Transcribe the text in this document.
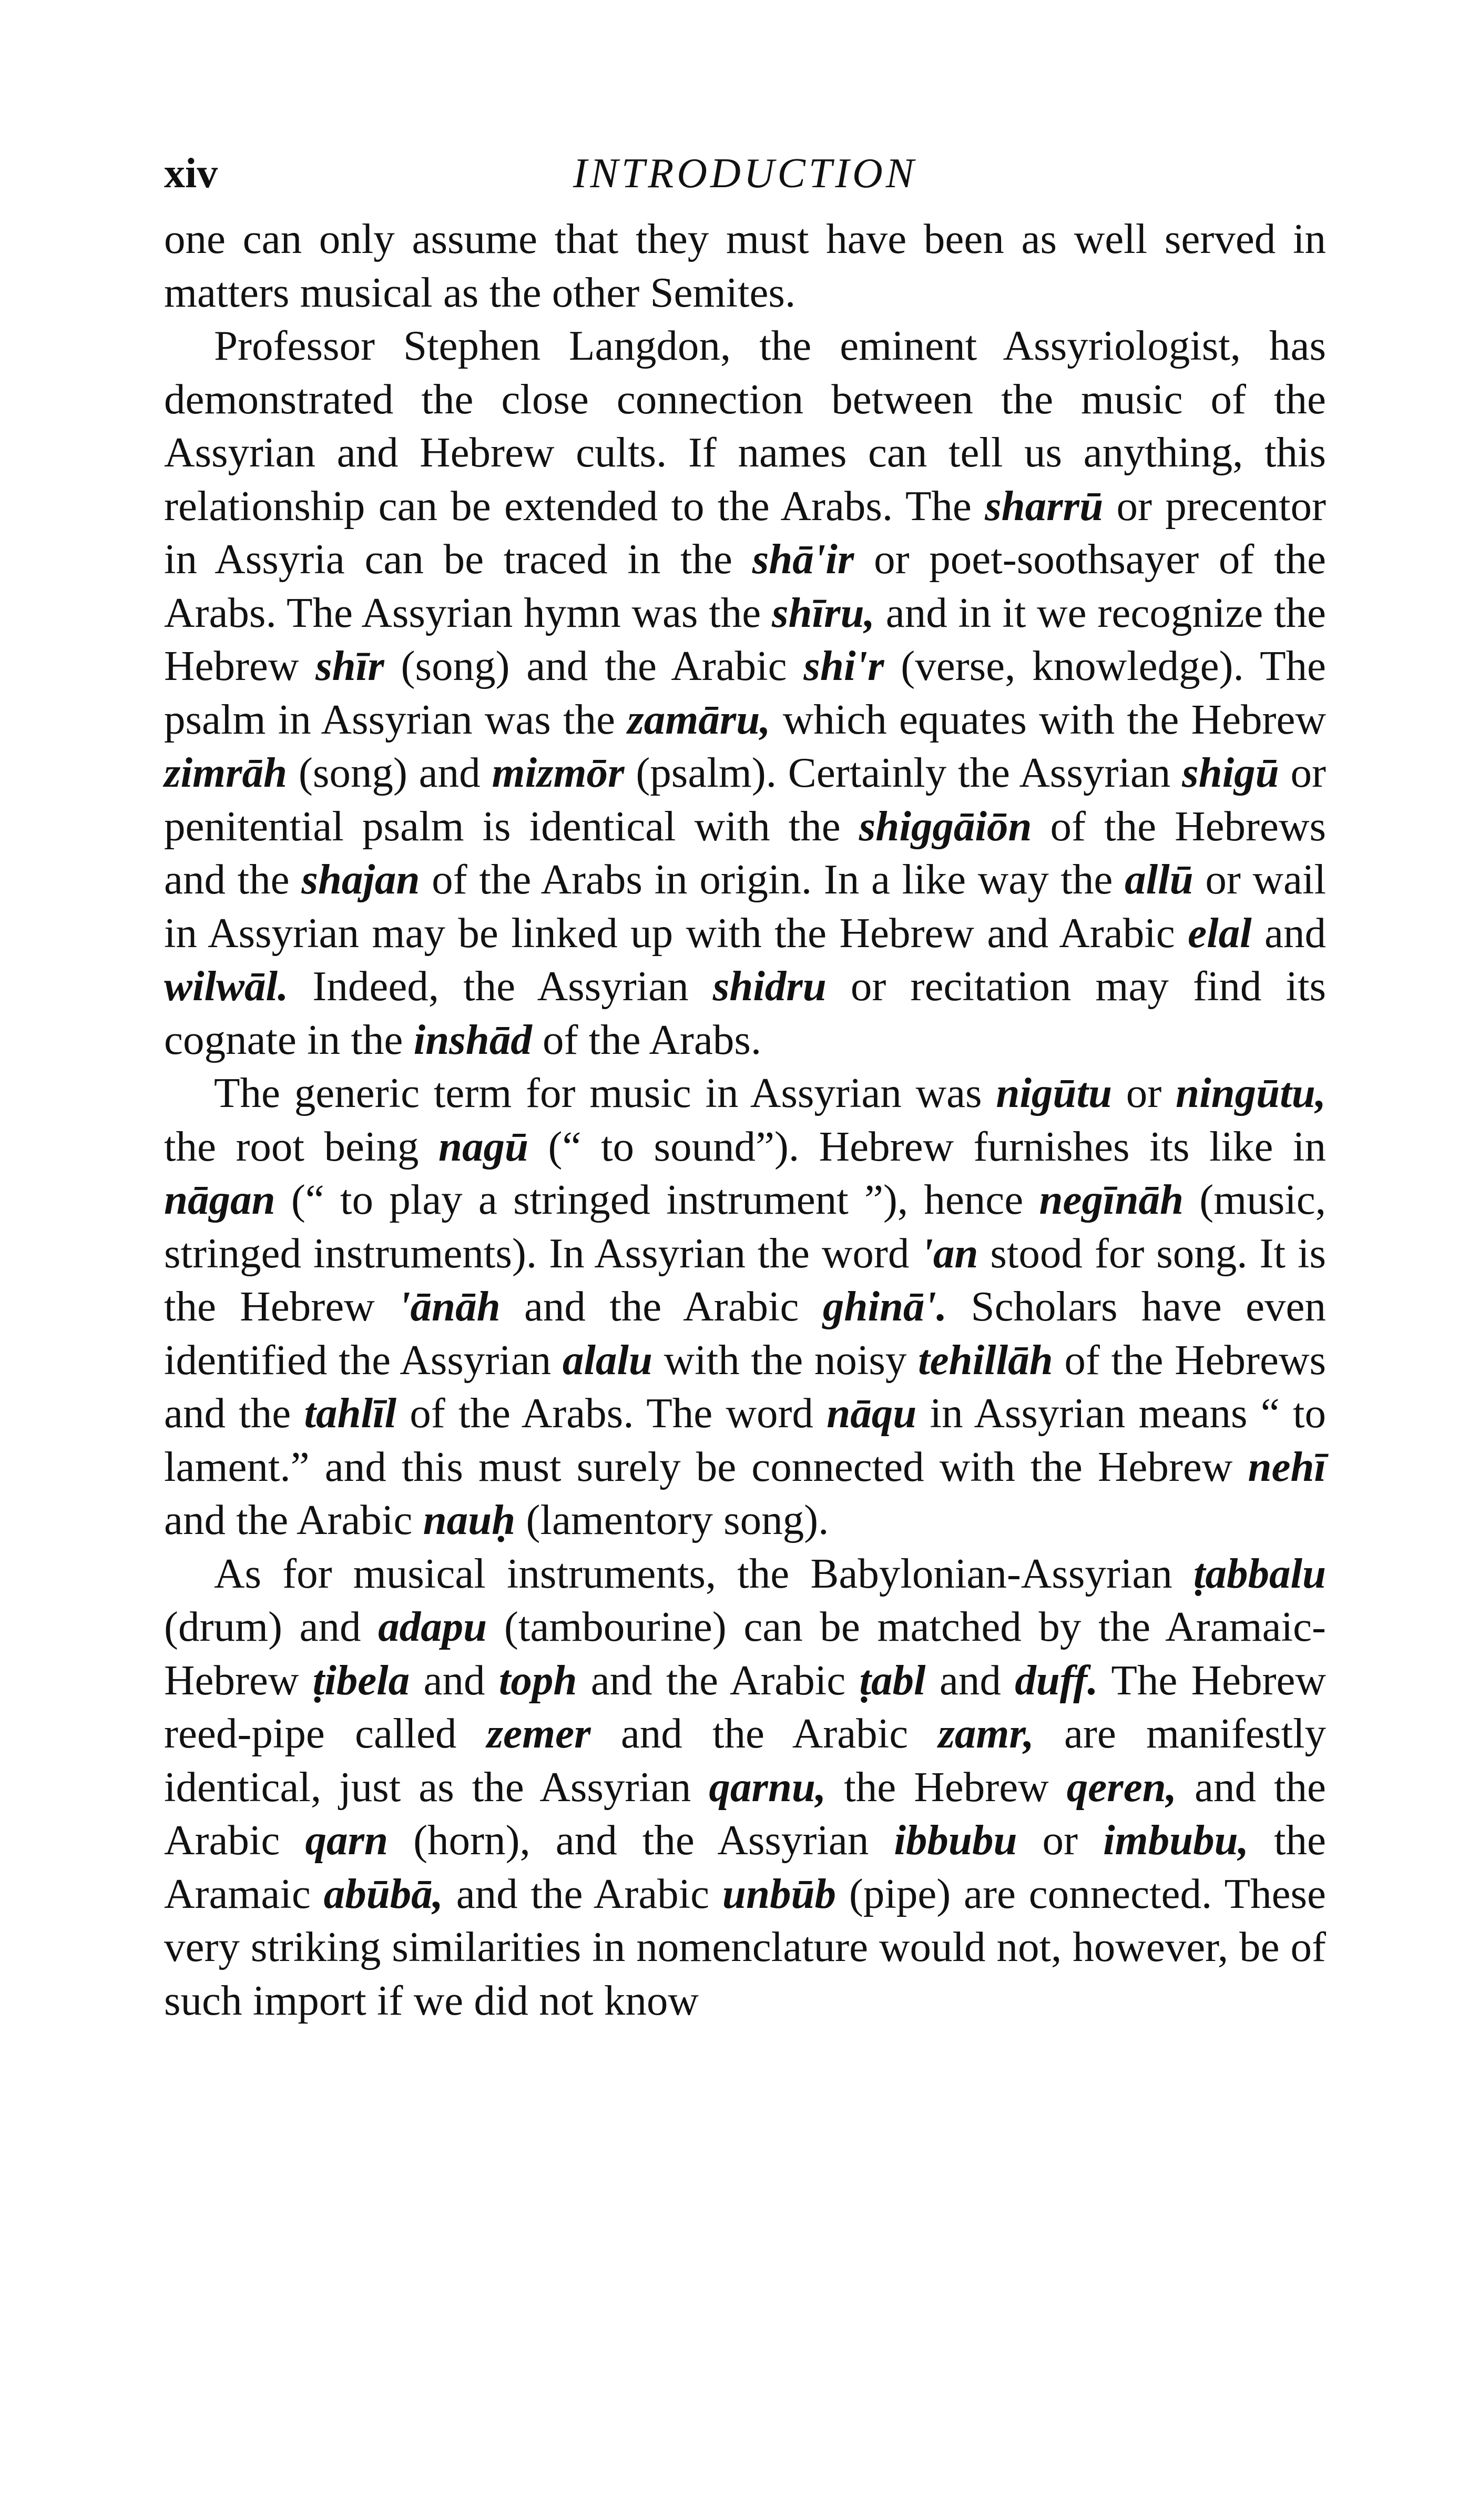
xiv	INTRODUCTION

one can only assume that they must have been as well served in matters musical as the other Semites.

Professor Stephen Langdon, the eminent Assyriologist, has demonstrated the close connection between the music of the Assyrian and Hebrew cults. If names can tell us anything, this relationship can be extended to the Arabs. The sharrū or precentor in Assyria can be traced in the shā'ir or poet-soothsayer of the Arabs. The Assyrian hymn was the shīru, and in it we recognize the Hebrew shīr (song) and the Arabic shi'r (verse, knowledge). The psalm in Assyrian was the zamāru, which equates with the Hebrew zimrāh (song) and mizmōr (psalm). Certainly the Assyrian shigū or penitential psalm is identical with the shiggāiōn of the Hebrews and the shajan of the Arabs in origin. In a like way the allū or wail in Assyrian may be linked up with the Hebrew and Arabic elal and wilwāl. Indeed, the Assyrian shidru or recitation may find its cognate in the inshād of the Arabs.

The generic term for music in Assyrian was nigūtu or ningūtu, the root being nagū (“ to sound”). Hebrew furnishes its like in nāgan (“ to play a stringed instrument ”), hence negīnāh (music, stringed instruments). In Assyrian the word 'an stood for song. It is the Hebrew 'ānāh and the Arabic ghinā'. Scholars have even identified the Assyrian alalu with the noisy tehillāh of the Hebrews and the tahlīl of the Arabs. The word nāqu in Assyrian means “ to lament.” and this must surely be connected with the Hebrew nehī and the Arabic nauḥ (lamentory song).

As for musical instruments, the Babylonian-Assyrian ṭabbalu (drum) and adapu (tambourine) can be matched by the Aramaic-Hebrew ṭibela and toph and the Arabic ṭabl and duff. The Hebrew reed-pipe called zemer and the Arabic zamr, are manifestly identical, just as the Assyrian qarnu, the Hebrew qeren, and the Arabic qarn (horn), and the Assyrian ibbubu or imbubu, the Aramaic abūbā, and the Arabic unbūb (pipe) are connected. These very striking similarities in nomenclature would not, however, be of such import if we did not know
